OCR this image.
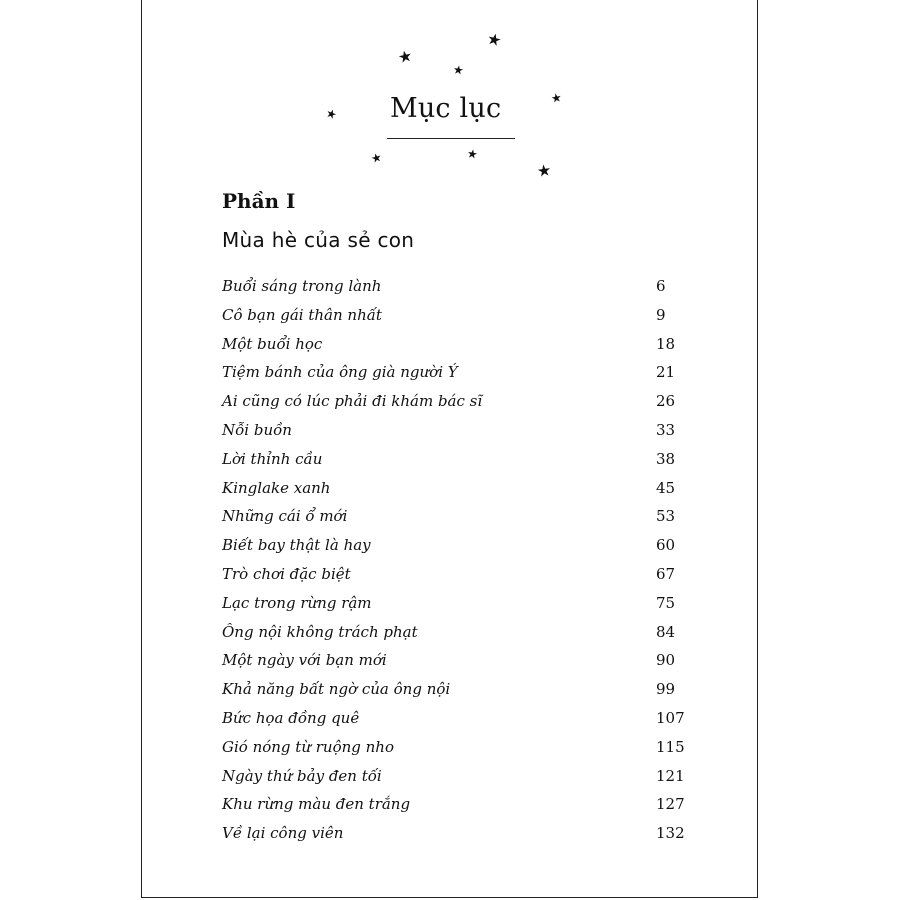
★
★
★
★
★
★	★
★
Mục lục
Phần I
Mùa hè của sẻ con
Buổi sáng trong lành	6
Cô bạn gái thân nhất	9
Một buổi học	18
Tiệm bánh của ông già người Ý	21
Ai cũng có lúc phải đi khám bác sĩ	26
Nỗi buồn	33
Lời thỉnh cầu	38
Kinglake xanh	45
Những cái ổ mới	53
Biết bay thật là hay	60
Trò chơi đặc biệt	67
Lạc trong rừng rậm	75
Ông nội không trách phạt	84
Một ngày với bạn mới	90
Khả năng bất ngờ của ông nội	99
Bức họa đồng quê	107
Gió nóng từ ruộng nho	115
Ngày thứ bảy đen tối	121
Khu rừng màu đen trắng	127
Về lại công viên	132
